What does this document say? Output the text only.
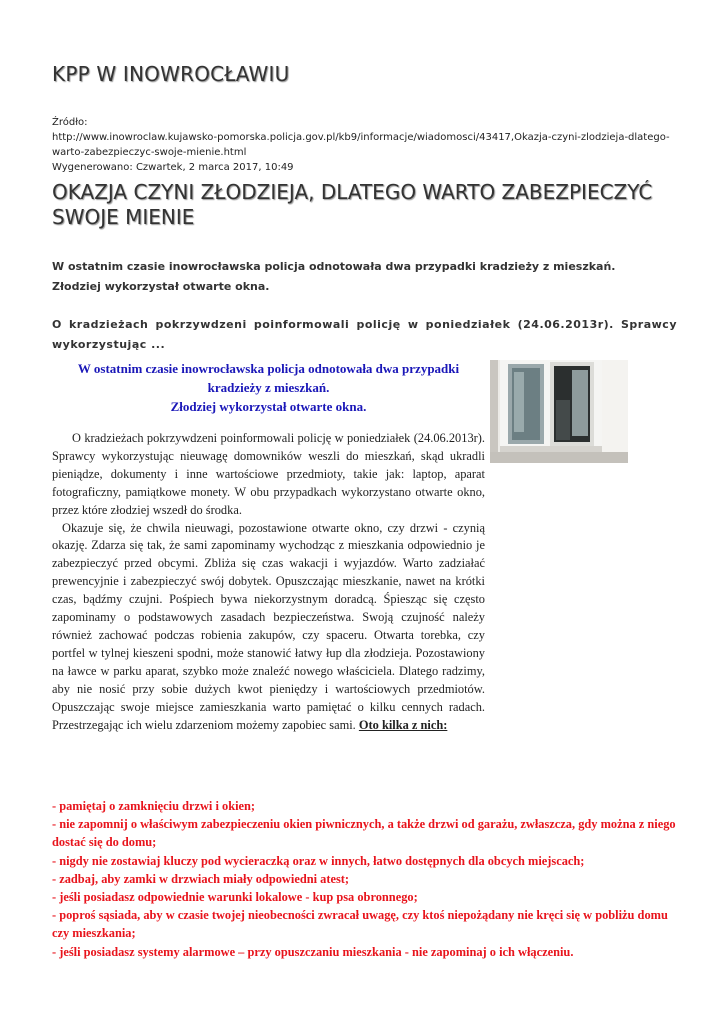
KPP W INOWROCŁAWIU
Źródło:
http://www.inowroclaw.kujawsko-pomorska.policja.gov.pl/kb9/informacje/wiadomosci/43417,Okazja-czyni-zlodzieja-dlatego-warto-zabezpieczyc-swoje-mienie.html
Wygenerowano: Czwartek, 2 marca 2017, 10:49
OKAZJA CZYNI ZŁODZIEJA, DLATEGO WARTO ZABEZPIECZYĆ SWOJE MIENIE
W ostatnim czasie inowrocławska policja odnotowała dwa przypadki kradzieży z mieszkań.
Złodziej wykorzystał otwarte okna.
O kradzieżach pokrzywdzeni poinformowali policję w poniedziałek (24.06.2013r). Sprawcy wykorzystując ...
W ostatnim czasie inowrocławska policja odnotowała dwa przypadki kradzieży z mieszkań.
Złodziej wykorzystał otwarte okna.

O kradzieżach pokrzywdzeni poinformowali policję w poniedziałek (24.06.2013r). Sprawcy wykorzystując nieuwagę domowników weszli do mieszkań, skąd ukradli pieniądze, dokumenty i inne wartościowe przedmioty, takie jak: laptop, aparat fotograficzny, pamiątkowe monety. W obu przypadkach wykorzystano otwarte okno, przez które złodziej wszedł do środka.

Okazuje się, że chwila nieuwagi, pozostawione otwarte okno, czy drzwi - czynią okazję. Zdarza się tak, że sami zapominamy wychodząc z mieszkania odpowiednio je zabezpieczyć przed obcymi. Zbliża się czas wakacji i wyjazdów. Warto zadziałać prewencyjnie i zabezpieczyć swój dobytek. Opuszczając mieszkanie, nawet na krótki czas, bądźmy czujni. Pośpiech bywa niekorzystnym doradcą. Śpiesząc się często zapominamy o podstawowych zasadach bezpieczeństwa. Swoją czujność należy również zachować podczas robienia zakupów, czy spaceru. Otwarta torebka, czy portfel w tylnej kieszeni spodni, może stanowić łatwy łup dla złodzieja. Pozostawiony na ławce w parku aparat, szybko może znaleźć nowego właściciela. Dlatego radzimy, aby nie nosić przy sobie dużych kwot pieniędzy i wartościowych przedmiotów. Opuszczając swoje miejsce zamieszkania warto pamiętać o kilku cennych radach. Przestrzegając ich wielu zdarzeniom możemy zapobiec sami. Oto kilka z nich:

- pamiętaj o zamknięciu drzwi i okien;
- nie zapomnij o właściwym zabezpieczeniu okien piwnicznych, a także drzwi od garażu, zwłaszcza, gdy można z niego dostać się do domu;
- nigdy nie zostawiaj kluczy pod wycieraczką oraz w innych, łatwo dostępnych dla obcych miejscach;
- zadbaj, aby zamki w drzwiach miały odpowiedni atest;
- jeśli posiadasz odpowiednie warunki lokalowe - kup psa obronnego;
- poproś sąsiada, aby w czasie twojej nieobecności zwracał uwagę, czy ktoś niepożądany nie kręci się w pobliżu domu czy mieszkania;
- jeśli posiadasz systemy alarmowe – przy opuszczaniu mieszkania - nie zapominaj o ich włączeniu.
